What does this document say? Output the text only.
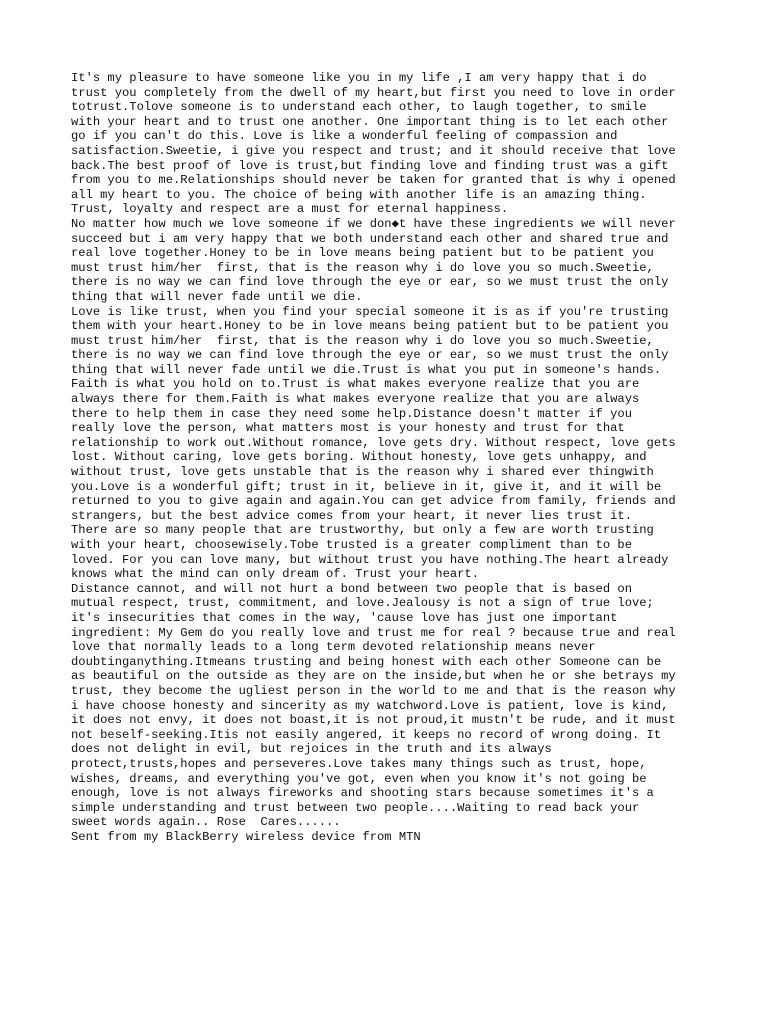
It's my pleasure to have someone like you in my life ,I am very happy that i do
trust you completely from the dwell of my heart,but first you need to love in order
totrust.Tolove someone is to understand each other, to laugh together, to smile
with your heart and to trust one another. One important thing is to let each other
go if you can't do this. Love is like a wonderful feeling of compassion and
satisfaction.Sweetie, i give you respect and trust; and it should receive that love
back.The best proof of love is trust,but finding love and finding trust was a gift
from you to me.Relationships should never be taken for granted that is why i opened
all my heart to you. The choice of being with another life is an amazing thing.
Trust, loyalty and respect are a must for eternal happiness.
No matter how much we love someone if we don◆t have these ingredients we will never
succeed but i am very happy that we both understand each other and shared true and
real love together.Honey to be in love means being patient but to be patient you
must trust him/her  first, that is the reason why i do love you so much.Sweetie,
there is no way we can find love through the eye or ear, so we must trust the only
thing that will never fade until we die.
Love is like trust, when you find your special someone it is as if you're trusting
them with your heart.Honey to be in love means being patient but to be patient you
must trust him/her  first, that is the reason why i do love you so much.Sweetie,
there is no way we can find love through the eye or ear, so we must trust the only
thing that will never fade until we die.Trust is what you put in someone's hands.
Faith is what you hold on to.Trust is what makes everyone realize that you are
always there for them.Faith is what makes everyone realize that you are always
there to help them in case they need some help.Distance doesn't matter if you
really love the person, what matters most is your honesty and trust for that
relationship to work out.Without romance, love gets dry. Without respect, love gets
lost. Without caring, love gets boring. Without honesty, love gets unhappy, and
without trust, love gets unstable that is the reason why i shared ever thingwith
you.Love is a wonderful gift; trust in it, believe in it, give it, and it will be
returned to you to give again and again.You can get advice from family, friends and
strangers, but the best advice comes from your heart, it never lies trust it.
There are so many people that are trustworthy, but only a few are worth trusting
with your heart, choosewisely.Tobe trusted is a greater compliment than to be
loved. For you can love many, but without trust you have nothing.The heart already
knows what the mind can only dream of. Trust your heart.
Distance cannot, and will not hurt a bond between two people that is based on
mutual respect, trust, commitment, and love.Jealousy is not a sign of true love;
it's insecurities that comes in the way, 'cause love has just one important
ingredient: My Gem do you really love and trust me for real ? because true and real
love that normally leads to a long term devoted relationship means never
doubtinganything.Itmeans trusting and being honest with each other Someone can be
as beautiful on the outside as they are on the inside,but when he or she betrays my
trust, they become the ugliest person in the world to me and that is the reason why
i have choose honesty and sincerity as my watchword.Love is patient, love is kind,
it does not envy, it does not boast,it is not proud,it mustn't be rude, and it must
not beself-seeking.Itis not easily angered, it keeps no record of wrong doing. It
does not delight in evil, but rejoices in the truth and its always
protect,trusts,hopes and perseveres.Love takes many things such as trust, hope,
wishes, dreams, and everything you've got, even when you know it's not going be
enough, love is not always fireworks and shooting stars because sometimes it's a
simple understanding and trust between two people....Waiting to read back your
sweet words again.. Rose  Cares......
Sent from my BlackBerry wireless device from MTN
